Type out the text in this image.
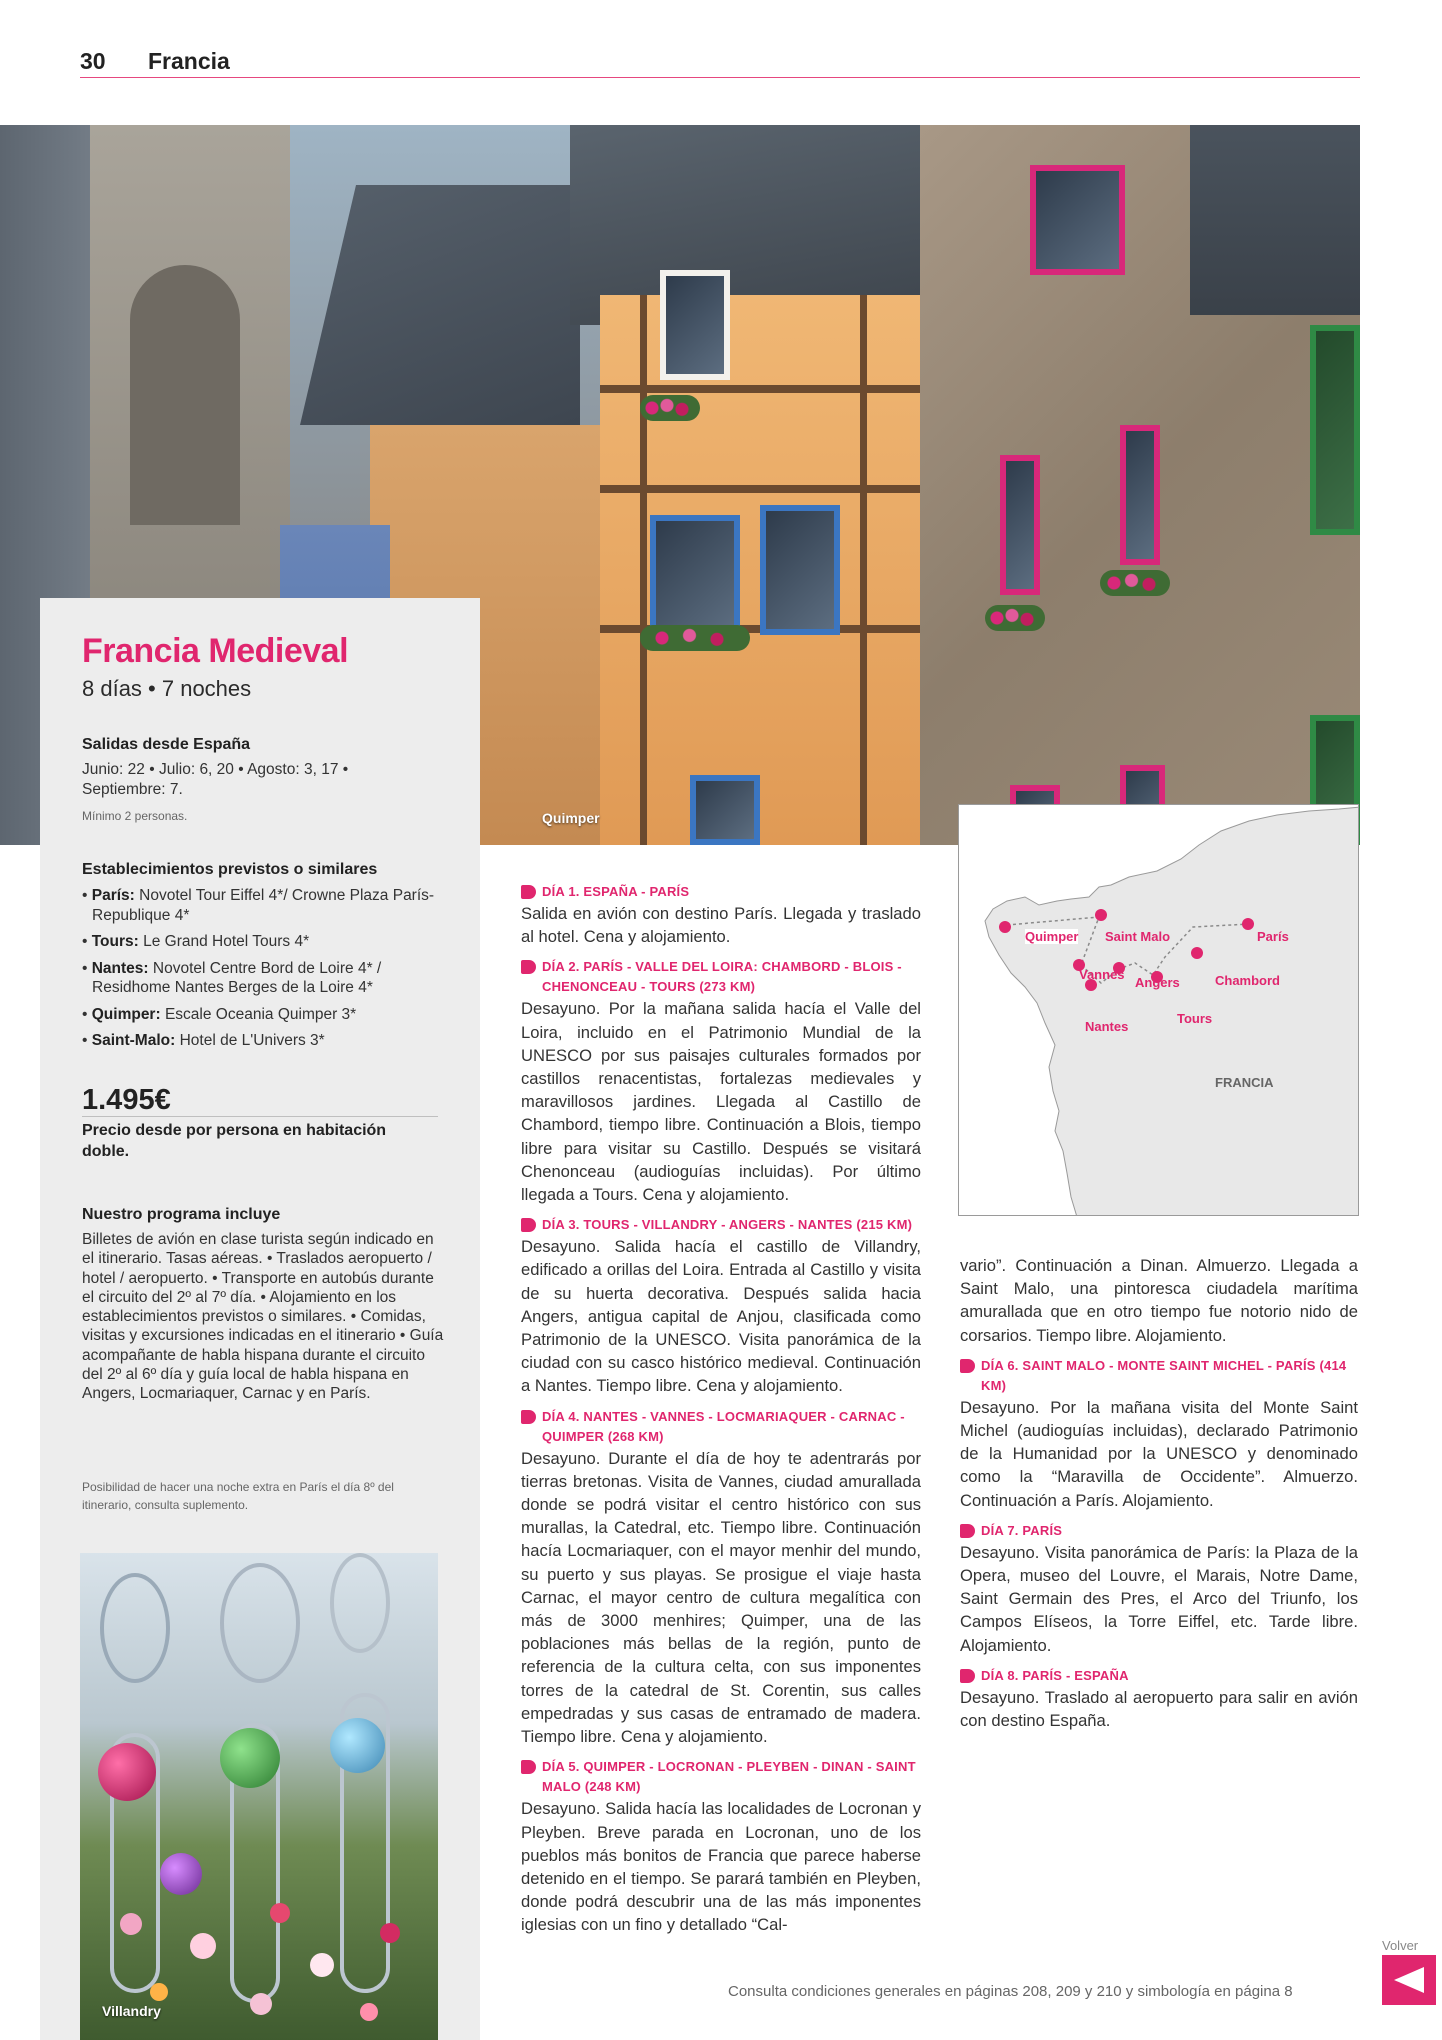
30 Francia
Quimper
Francia Medieval
8 días • 7 noches
Salidas desde España
Junio: 22 • Julio: 6, 20 • Agosto: 3, 17 • Septiembre: 7.
Mínimo 2 personas.
Establecimientos previstos o similares
• París: Novotel Tour Eiffel 4*/ Crowne Plaza París-Republique 4*
• Tours: Le Grand Hotel Tours 4*
• Nantes: Novotel Centre Bord de Loire 4* / Residhome Nantes Berges de la Loire 4*
• Quimper: Escale Oceania Quimper 3*
• Saint-Malo: Hotel de L'Univers 3*
1.495€
Precio desde por persona en habitación doble.
Nuestro programa incluye
Billetes de avión en clase turista según indicado en el itinerario. Tasas aéreas. • Traslados aeropuerto / hotel / aeropuerto. • Transporte en autobús durante el circuito del 2º al 7º día. • Alojamiento en los establecimientos previstos o similares. • Comidas, visitas y excursiones indicadas en el itinerario • Guía acompañante de habla hispana durante el circuito del 2º al 6º día y guía local de habla hispana en Angers, Locmariaquer, Carnac y en París.
Posibilidad de hacer una noche extra en París el día 8º del itinerario, consulta suplemento.
Villandry
Quimper Saint Malo	París
Vannes
Angers	Chambord
Nantes
Tours
FRANCIA
DÍA 1. ESPAÑA - PARÍS

Salida en avión con destino París. Llegada y traslado al hotel. Cena y alojamiento.

DÍA 2. PARÍS - VALLE DEL LOIRA: CHAMBORD - BLOIS - CHENONCEAU - TOURS (273 KM)

Desayuno. Por la mañana salida hacía el Valle del Loira, incluido en el Patrimonio Mundial de la UNESCO por sus paisajes culturales formados por castillos renacentistas, fortalezas medievales y maravillosos jardines. Llegada al Castillo de Chambord, tiempo libre. Continuación a Blois, tiempo libre para visitar su Castillo. Después se visitará Chenonceau (audioguías incluidas). Por último llegada a Tours. Cena y alojamiento.

DÍA 3. TOURS - VILLANDRY - ANGERS - NANTES (215 KM)

Desayuno. Salida hacía el castillo de Villandry, edificado a orillas del Loira. Entrada al Castillo y visita de su huerta decorativa. Después salida hacia Angers, antigua capital de Anjou, clasificada como Patrimonio de la UNESCO. Visita panorámica de la ciudad con su casco histórico medieval. Continuación a Nantes. Tiempo libre. Cena y alojamiento.

DÍA 4. NANTES - VANNES - LOCMARIAQUER - CARNAC - QUIMPER (268 KM)

Desayuno. Durante el día de hoy te adentrarás por tierras bretonas. Visita de Vannes, ciudad amurallada donde se podrá visitar el centro histórico con sus murallas, la Catedral, etc. Tiempo libre. Continuación hacía Locmariaquer, con el mayor menhir del mundo, su puerto y sus playas. Se prosigue el viaje hasta Carnac, el mayor centro de cultura megalítica con más de 3000 menhires; Quimper, una de las poblaciones más bellas de la región, punto de referencia de la cultura celta, con sus imponentes torres de la catedral de St. Corentin, sus calles empedradas y sus casas de entramado de madera. Tiempo libre. Cena y alojamiento.

DÍA 5. QUIMPER - LOCRONAN - PLEYBEN - DINAN - SAINT MALO (248 KM)

Desayuno. Salida hacía las localidades de Locronan y Pleyben. Breve parada en Locronan, uno de los pueblos más bonitos de Francia que parece haberse detenido en el tiempo. Se parará también en Pleyben, donde podrá descubrir una de las más imponentes iglesias con un fino y detallado “Cal-

vario”. Continuación a Dinan. Almuerzo. Llegada a Saint Malo, una pintoresca ciudadela marítima amurallada que en otro tiempo fue notorio nido de corsarios. Tiempo libre. Alojamiento.

DÍA 6. SAINT MALO - MONTE SAINT MICHEL - PARÍS (414 KM)

Desayuno. Por la mañana visita del Monte Saint Michel (audioguías incluidas), declarado Patrimonio de la Humanidad por la UNESCO y denominado como la “Maravilla de Occidente”. Almuerzo. Continuación a París. Alojamiento.

DÍA 7. PARÍS

Desayuno. Visita panorámica de París: la Plaza de la Opera, museo del Louvre, el Marais, Notre Dame, Saint Germain des Pres, el Arco del Triunfo, los Campos Elíseos, la Torre Eiffel, etc. Tarde libre. Alojamiento.

DÍA 8. PARÍS - ESPAÑA

Desayuno. Traslado al aeropuerto para salir en avión con destino España.

Consulta condiciones generales en páginas 208, 209 y 210 y simbología en página 8
Volver
